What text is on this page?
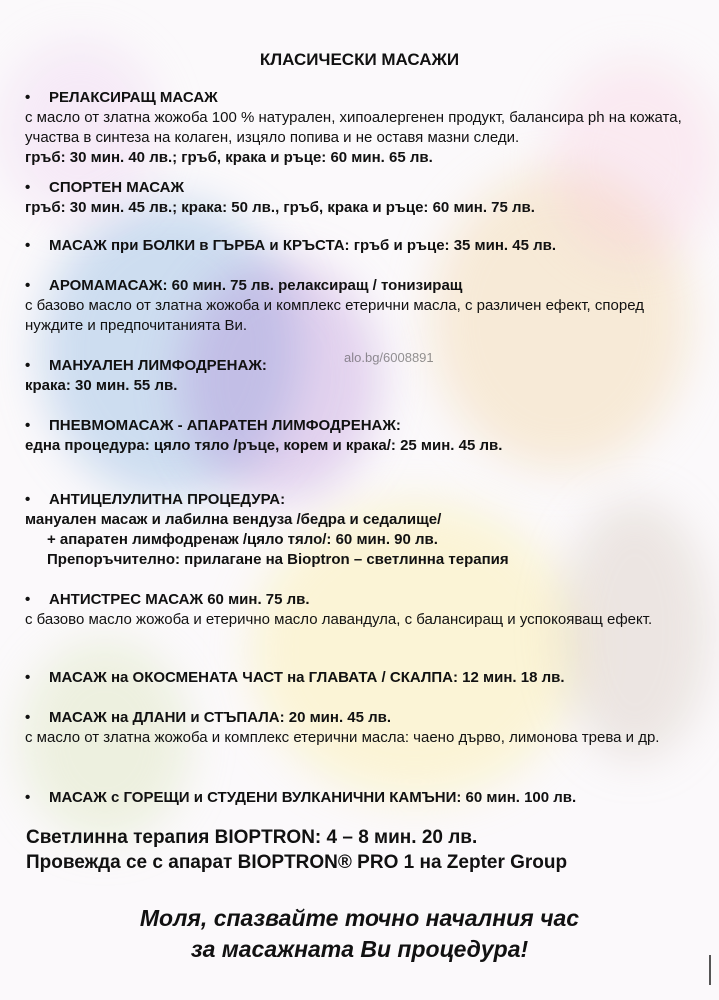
КЛАСИЧЕСКИ МАСАЖИ
• РЕЛАКСИРАЩ МАСАЖ
с масло от златна жожоба 100 % натурален, хипоалергенен продукт, балансира ph на кожата, участва в синтеза на колаген, изцяло попива и не оставя мазни следи.
гръб: 30 мин. 40 лв.; гръб, крака и ръце: 60 мин. 65 лв.
• СПОРТЕН МАСАЖ
гръб: 30 мин. 45 лв.; крака: 50 лв., гръб, крака и ръце: 60 мин. 75 лв.
• МАСАЖ при БОЛКИ в ГЪРБА и КРЪСТА: гръб и ръце: 35 мин. 45 лв.
• АРОМАМАСАЖ: 60 мин. 75 лв. релаксиращ / тонизиращ
с базово масло от златна жожоба и комплекс етерични масла, с различен ефект, според нуждите и предпочитанията Ви.
• МАНУАЛЕН ЛИМФОДРЕНАЖ:
крака: 30 мин. 55 лв.
alo.bg/6008891
• ПНЕВМОМАСАЖ - АПАРАТЕН ЛИМФОДРЕНАЖ:
една процедура: цяло тяло /ръце, корем и крака/: 25 мин. 45 лв.
• АНТИЦЕЛУЛИТНА ПРОЦЕДУРА:
мануален масаж и лабилна вендуза /бедра и седалище/
+ апаратен лимфодренаж /цяло тяло/: 60 мин. 90 лв.
Препоръчително: прилагане на Bioptron – светлинна терапия
• АНТИСТРЕС МАСАЖ 60 мин. 75 лв.
с базово масло жожоба и етерично масло лавандула, с балансиращ и успокояващ ефект.
• МАСАЖ на ОКОСМЕНАТА ЧАСТ на ГЛАВАТА / СКАЛПА: 12 мин. 18 лв.
• МАСАЖ на ДЛАНИ и СТЪПАЛА: 20 мин. 45 лв.
с масло от златна жожоба и комплекс етерични масла: чаено дърво, лимонова трева и др.
• МАСАЖ с ГОРЕЩИ и СТУДЕНИ ВУЛКАНИЧНИ КАМЪНИ: 60 мин. 100 лв.
Светлинна терапия BIOPTRON: 4 – 8 мин. 20 лв.
Провежда се с апарат BIOPTRON® PRO 1 на Zepter Group
Моля, спазвайте точно началния час
за масажната Ви процедура!
